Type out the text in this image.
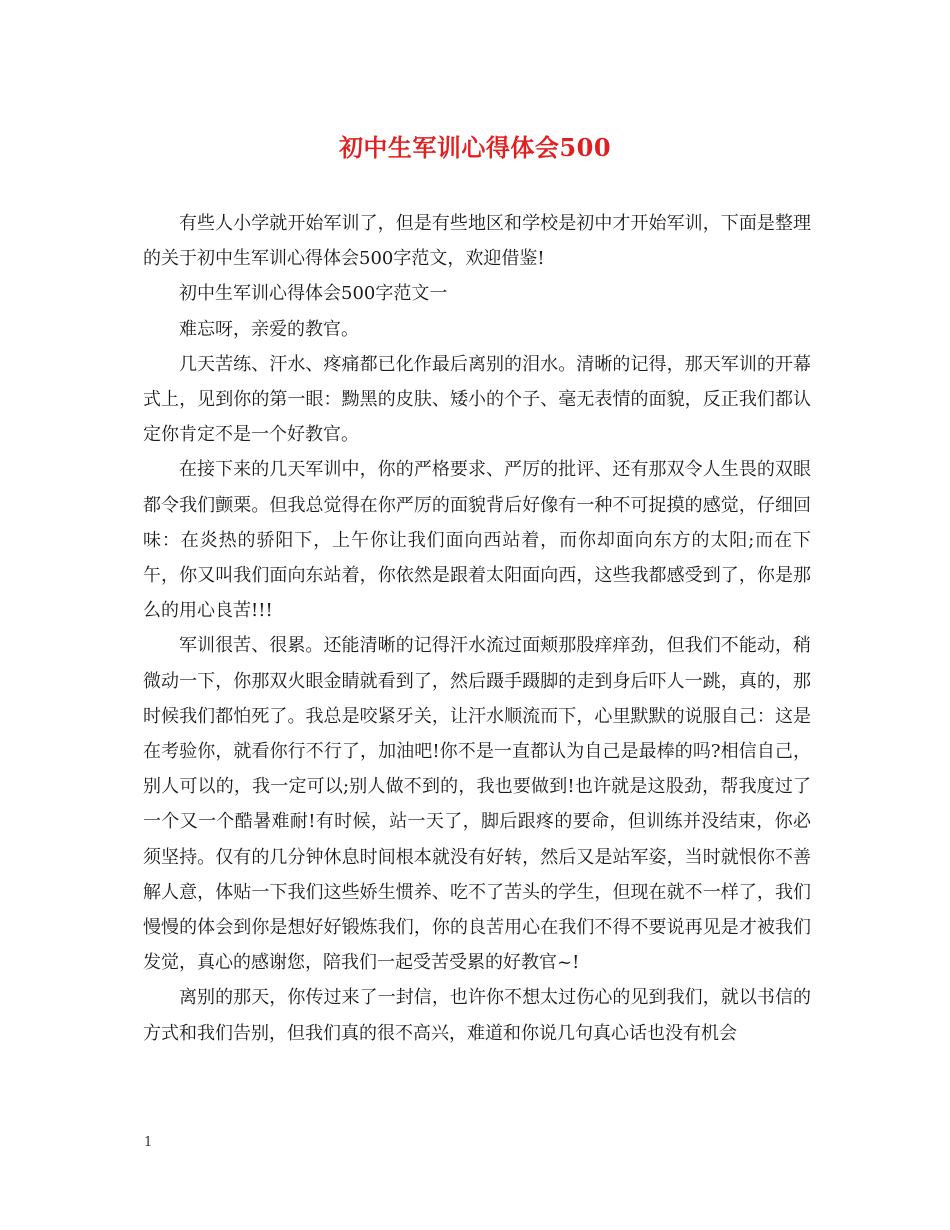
初中生军训心得体会500

有些人小学就开始军训了，但是有些地区和学校是初中才开始军训，下面是整理的关于初中生军训心得体会500字范文，欢迎借鉴!

初中生军训心得体会500字范文一

难忘呀，亲爱的教官。

几天苦练、汗水、疼痛都已化作最后离别的泪水。清晰的记得，那天军训的开幕式上，见到你的第一眼：黝黑的皮肤、矮小的个子、毫无表情的面貌，反正我们都认定你肯定不是一个好教官。

在接下来的几天军训中，你的严格要求、严厉的批评、还有那双令人生畏的双眼都令我们颤栗。但我总觉得在你严厉的面貌背后好像有一种不可捉摸的感觉，仔细回味：在炎热的骄阳下，上午你让我们面向西站着，而你却面向东方的太阳;而在下午，你又叫我们面向东站着，你依然是跟着太阳面向西，这些我都感受到了，你是那么的用心良苦!!!

军训很苦、很累。还能清晰的记得汗水流过面颊那股痒痒劲，但我们不能动，稍微动一下，你那双火眼金睛就看到了，然后蹑手蹑脚的走到身后吓人一跳，真的，那时候我们都怕死了。我总是咬紧牙关，让汗水顺流而下，心里默默的说服自己：这是在考验你，就看你行不行了，加油吧!你不是一直都认为自己是最棒的吗?相信自己，别人可以的，我一定可以;别人做不到的，我也要做到!也许就是这股劲，帮我度过了一个又一个酷暑难耐!有时候，站一天了，脚后跟疼的要命，但训练并没结束，你必须坚持。仅有的几分钟休息时间根本就没有好转，然后又是站军姿，当时就恨你不善解人意，体贴一下我们这些娇生惯养、吃不了苦头的学生，但现在就不一样了，我们慢慢的体会到你是想好好锻炼我们，你的良苦用心在我们不得不要说再见是才被我们发觉，真心的感谢您，陪我们一起受苦受累的好教官~!

离别的那天，你传过来了一封信，也许你不想太过伤心的见到我们，就以书信的方式和我们告别，但我们真的很不高兴，难道和你说几句真心话也没有机会

1
